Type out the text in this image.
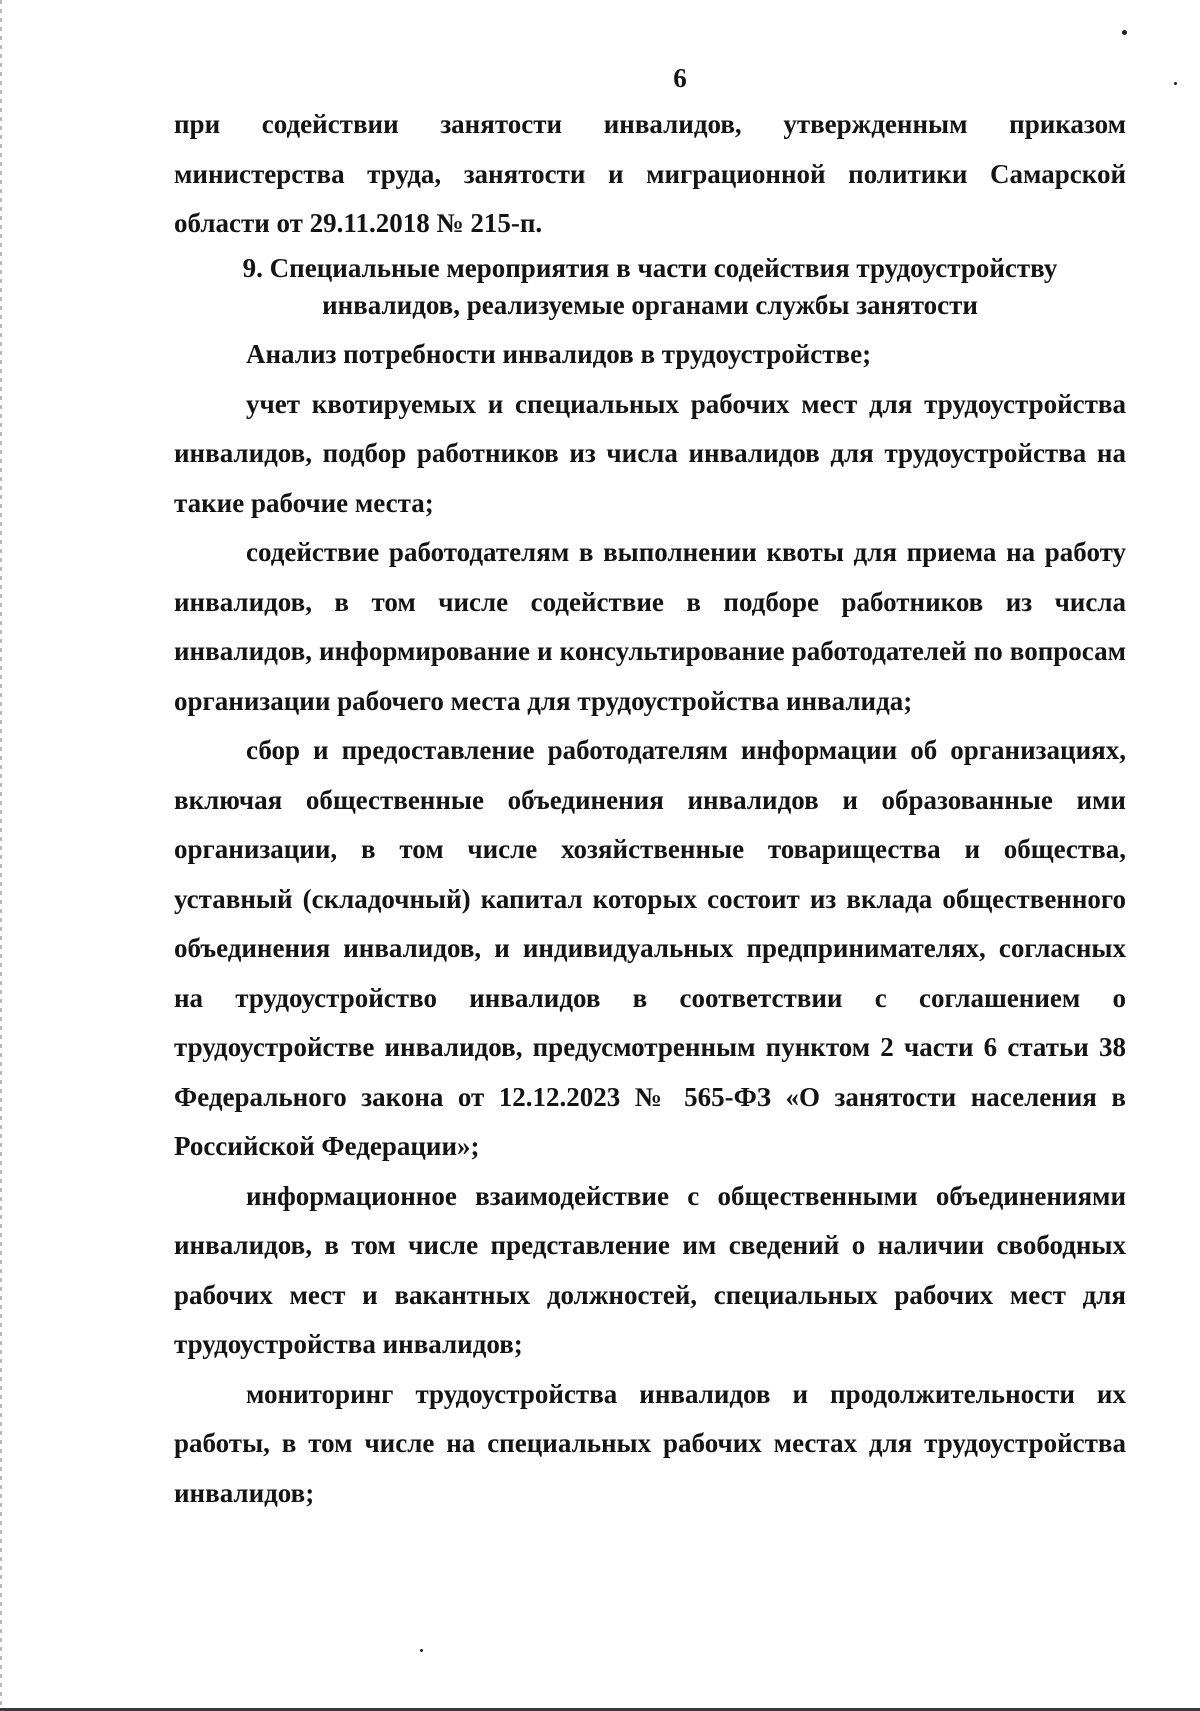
6

при содействии занятости инвалидов, утвержденным приказом министерства труда, занятости и миграционной политики Самарской области от 29.11.2018 № 215-п.

9. Специальные мероприятия в части содействия трудоустройству
инвалидов, реализуемые органами службы занятости

Анализ потребности инвалидов в трудоустройстве;

учет квотируемых и специальных рабочих мест для трудоустройства инвалидов, подбор работников из числа инвалидов для трудоустройства на такие рабочие места;

содействие работодателям в выполнении квоты для приема на работу инвалидов, в том числе содействие в подборе работников из числа инвалидов, информирование и консультирование работодателей по вопросам организации рабочего места для трудоустройства инвалида;

сбор и предоставление работодателям информации об организациях, включая общественные объединения инвалидов и образованные ими организации, в том числе хозяйственные товарищества и общества, уставный (складочный) капитал которых состоит из вклада общественного объединения инвалидов, и индивидуальных предпринимателях, согласных на трудоустройство инвалидов в соответствии с соглашением о трудоустройстве инвалидов, предусмотренным пунктом 2 части 6 статьи 38 Федерального закона от 12.12.2023 № 565-ФЗ «О занятости населения в Российской Федерации»;

информационное взаимодействие с общественными объединениями инвалидов, в том числе представление им сведений о наличии свободных рабочих мест и вакантных должностей, специальных рабочих мест для трудоустройства инвалидов;

мониторинг трудоустройства инвалидов и продолжительности их работы, в том числе на специальных рабочих местах для трудоустройства инвалидов;
